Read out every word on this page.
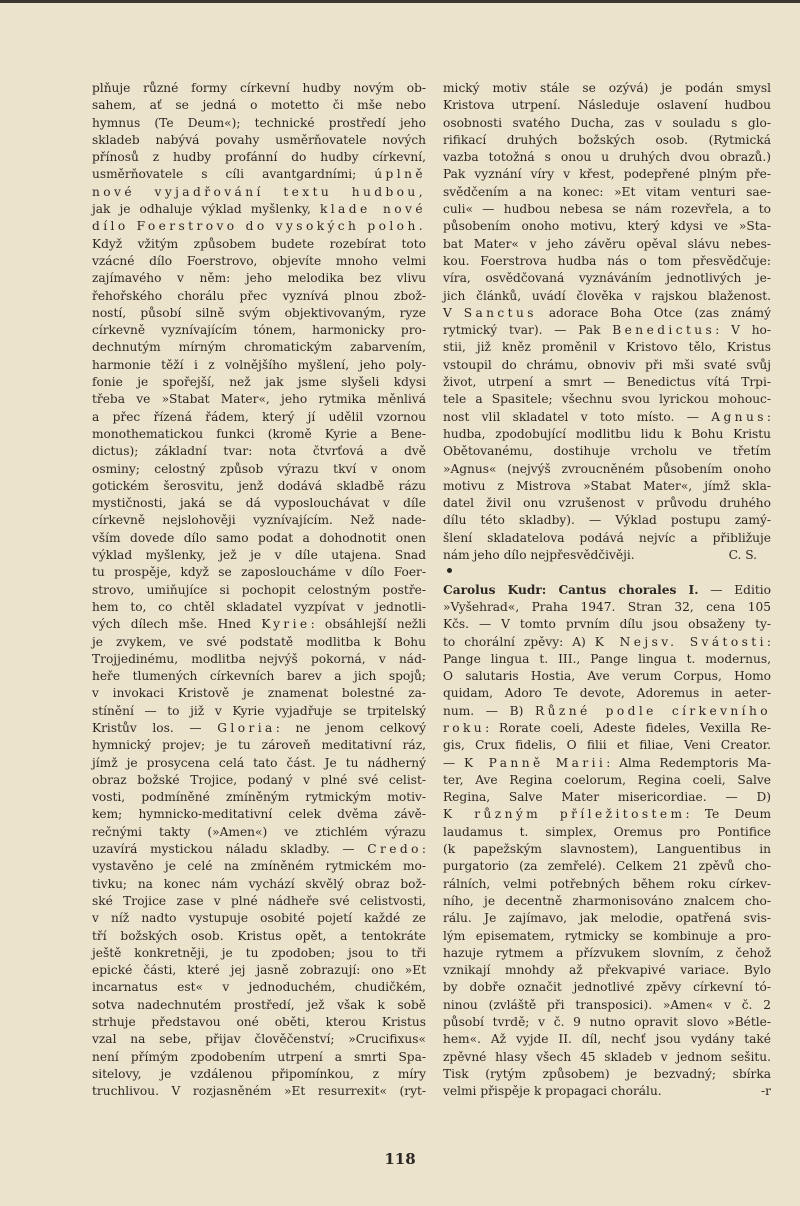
plňuje různé formy církevní hudby novým ob-
sahem, ať se jedná o motetto či mše nebo
hymnus (Te Deum«); technické prostředí jeho
skladeb nabývá povahy usměrňovatele nových
přínosů z hudby profánní do hudby církevní,
usměrňovatele s cíli avantgardními; úplně
nové vyjadřování textu hudbou,
jak je odhaluje výklad myšlenky, klade nové
dílo Foerstrovo do vysokých poloh.
Když vžitým způsobem budete rozebírat toto
vzácné dílo Foerstrovo, objevíte mnoho velmi
zajímavého v něm: jeho melodika bez vlivu
řehořského chorálu přec vyznívá plnou zbož-
ností, působí silně svým objektivovaným, ryze
církevně vyznívajícím tónem, harmonicky pro-
dechnutým mírným chromatickým zabarvením,
harmonie těží i z volnějšího myšlení, jeho poly-
fonie je spořejší, než jak jsme slyšeli kdysi
třeba ve »Stabat Mater«, jeho rytmika měnlivá
a přec řízená řádem, který jí udělil vzornou
monothematickou funkci (kromě Kyrie a Bene-
dictus); základní tvar: nota čtvrťová a dvě
osminy; celostný způsob výrazu tkví v onom
gotickém šerosvitu, jenž dodává skladbě rázu
mystičnosti, jaká se dá vyposlouchávat v díle
církevně nejslohověji vyznívajícím. Než nade-
vším dovede dílo samo podat a dohodnotit onen
výklad myšlenky, jež je v díle utajena. Snad
tu prospěje, když se zaposloucháme v dílo Foer-
strovo, umiňujíce si pochopit celostným postře-
hem to, co chtěl skladatel vyzpívat v jednotli-
vých dílech mše. Hned Kyrie: obsáhlejší nežli
je zvykem, ve své podstatě modlitba k Bohu
Trojjedinému, modlitba nejvýš pokorná, v nád-
heře tlumených církevních barev a jich spojů;
v invokaci Kristově je znamenat bolestné za-
stínění — to již v Kyrie vyjadřuje se trpitelský
Kristův los. — Gloria: ne jenom celkový
hymnický projev; je tu zároveň meditativní ráz,
jímž je prosycena celá tato část. Je tu nádherný
obraz božské Trojice, podaný v plné své celist-
vosti, podmíněné zmíněným rytmickým motiv-
kem; hymnicko-meditativní celek dvěma závě-
rečnými takty (»Amen«) ve ztichlém výrazu
uzavírá mystickou náladu skladby. — Credo:
vystavěno je celé na zmíněném rytmickém mo-
tivku; na konec nám vychází skvělý obraz bož-
ské Trojice zase v plné nádheře své celistvosti,
v níž nadto vystupuje osobité pojetí každé ze
tří božských osob. Kristus opět, a tentokráte
ještě konkretněji, je tu zpodoben; jsou to tři
epické části, které jej jasně zobrazují: ono »Et
incarnatus est« v jednoduchém, chudičkém,
sotva nadechnutém prostředí, jež však k sobě
strhuje představou oné oběti, kterou Kristus
vzal na sebe, přijav člověčenství; »Crucifixus«
není přímým zpodobením utrpení a smrti Spa-
sitelovy, je vzdálenou připomínkou, z míry
truchlivou. V rozjasněném »Et resurrexit« (ryt-
mický motiv stále se ozývá) je podán smysl
Kristova utrpení. Následuje oslavení hudbou
osobnosti svatého Ducha, zas v souladu s glo-
rifikací druhých božských osob. (Rytmická
vazba totožná s onou u druhých dvou obrazů.)
Pak vyznání víry v křest, podepřené plným pře-
svědčením a na konec: »Et vitam venturi sae-
culi« — hudbou nebesa se nám rozevřela, a to
působením onoho motivu, který kdysi ve »Sta-
bat Mater« v jeho závěru opěval slávu nebes-
kou. Foerstrova hudba nás o tom přesvědčuje:
víra, osvědčovaná vyznáváním jednotlivých je-
jich článků, uvádí člověka v rajskou blaženost.
V Sanctus adorace Boha Otce (zas známý
rytmický tvar). — Pak Benedictus: V ho-
stii, již kněz proměnil v Kristovo tělo, Kristus
vstoupil do chrámu, obnoviv při mši svaté svůj
život, utrpení a smrt — Benedictus vítá Trpi-
tele a Spasitele; všechnu svou lyrickou mohouc-
nost vlil skladatel v toto místo. — Agnus:
hudba, zpodobující modlitbu lidu k Bohu Kristu
Obětovanému, dostihuje vrcholu ve třetím
»Agnus« (nejvýš zvroucněném působením onoho
motivu z Mistrova »Stabat Mater«, jímž skla-
datel živil onu vzrušenost v průvodu druhého
dílu této skladby). — Výklad postupu zamý-
šlení skladatelova podává nejvíc a přibližuje
nám jeho dílo nejpřesvědčivěji.	C. S.
Carolus Kudr: Cantus chorales I. — Editio
»Vyšehrad«, Praha 1947. Stran 32, cena 105
Kčs. — V tomto prvním dílu jsou obsaženy ty-
to chorální zpěvy: A) K Nejsv. Svátosti:
Pange lingua t. III., Pange lingua t. modernus,
O salutaris Hostia, Ave verum Corpus, Homo
quidam, Adoro Te devote, Adoremus in aeter-
num. — B) Různé podle církevního
roku: Rorate coeli, Adeste fideles, Vexilla Re-
gis, Crux fidelis, O filii et filiae, Veni Creator.
— K Panně Marii: Alma Redemptoris Ma-
ter, Ave Regina coelorum, Regina coeli, Salve
Regina, Salve Mater misericordiae. — D)
K různým příležitostem: Te Deum
laudamus t. simplex, Oremus pro Pontifice
(k papežským slavnostem), Languentibus in
purgatorio (za zemřelé). Celkem 21 zpěvů cho-
rálních, velmi potřebných během roku církev-
ního, je decentně zharmonisováno znalcem cho-
rálu. Je zajímavo, jak melodie, opatřená svis-
lým episematem, rytmicky se kombinuje a pro-
hazuje rytmem a přízvukem slovním, z čehož
vznikají mnohdy až překvapivé variace. Bylo
by dobře označit jednotlivé zpěvy církevní tó-
ninou (zvláště při transposici). »Amen« v č. 2
působí tvrdě; v č. 9 nutno opravit slovo »Bétle-
hem«. Až vyjde II. díl, nechť jsou vydány také
zpěvné hlasy všech 45 skladeb v jednom sešitu.
Tisk (rytým způsobem) je bezvadný; sbírka
velmi přispěje k propagaci chorálu.	-r
118
